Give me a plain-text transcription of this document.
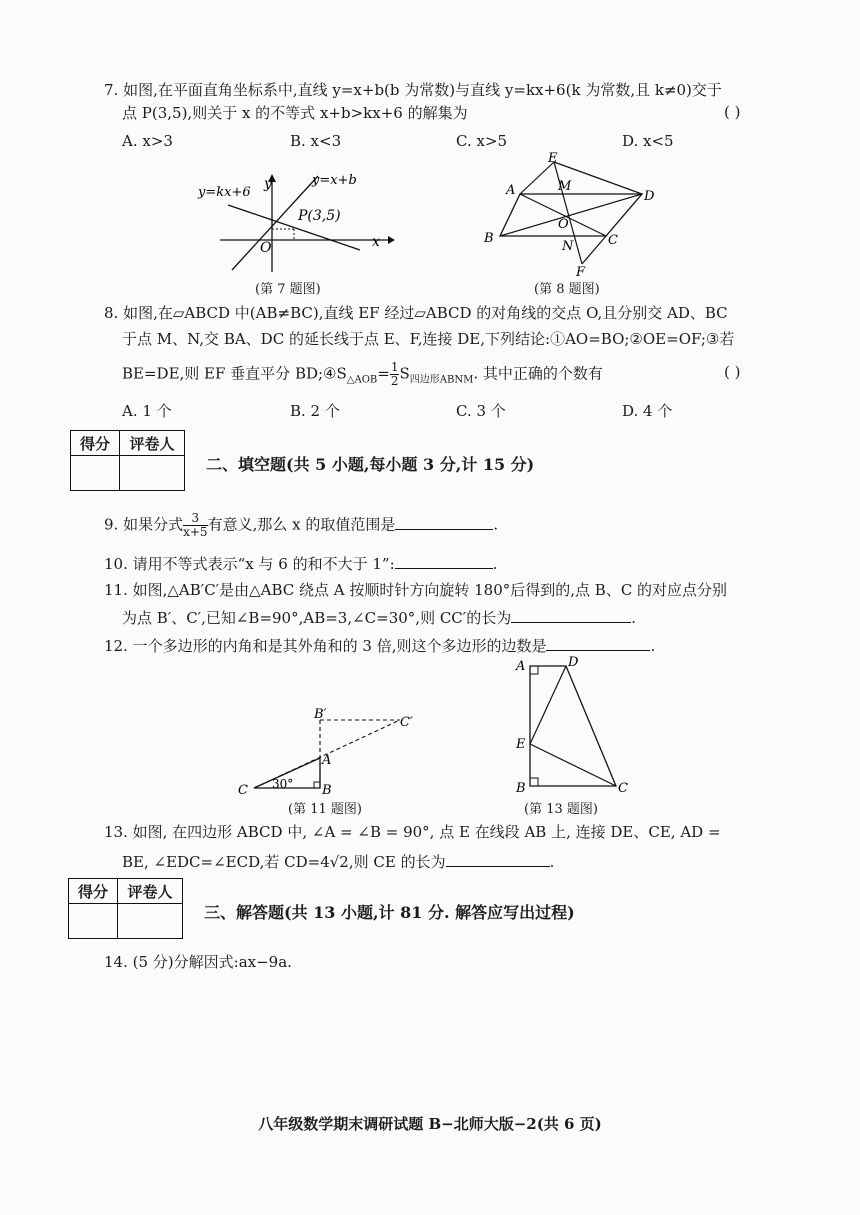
7. 如图,在平面直角坐标系中,直线 y=x+b(b 为常数)与直线 y=kx+6(k 为常数,且 k≠0)交于
点 P(3,5),则关于 x 的不等式 x+b>kx+6 的解集为	( )
A. x>3	B. x<3	C. x>5	D. x<5
y=kx+6
y=x+b
P(3,5)
O	x
y
(第 7 题图)
E
A	M
D
O
B
N	C
F
(第 8 题图)
8. 如图,在▱ABCD 中(AB≠BC),直线 EF 经过▱ABCD 的对角线的交点 O,且分别交 AD、BC
于点 M、N,交 BA、DC 的延长线于点 E、F,连接 DE,下列结论:①AO=BO;②OE=OF;③若
BE=DE,则 EF 垂直平分 $BD;④S_{\triangle AOB}= \frac{1}{2} S_{四边形ABNM}$. 其中正确的个数有	( )
A. 1 个	B. 2 个	C. 3 个	D. 4 个
得分	评卷人

二、填空题(共 5 小题,每小题 3 分,计 15 分)
9. 如果分式 $\frac{3}{x+5}$ 有意义,那么 x 的取值范围是	.
10. 请用不等式表示“x 与 6 的和不大于 1”:	.
11. 如图,△AB′C′是由△ABC 绕点 A 按顺时针方向旋转 180°后得到的,点 B、C 的对应点分别
为点 B′、C′,已知∠B=90°,AB=3,∠C=30°,则 CC′的长为	.
12. 一个多边形的内角和是其外角和的 3 倍,则这个多边形的边数是	.
B′
C′
A
C	B
30°
(第 11 题图)
A	D
E
B	C
(第 13 题图)
13. 如图, 在四边形 ABCD 中, ∠A = ∠B = 90°, 点 E 在线段 AB 上, 连接 DE、CE, AD =
BE, ∠EDC=∠ECD,若 CD=4√2,则 CE 的长为	.
得分	评卷人

三、解答题(共 13 小题,计 81 分. 解答应写出过程)
14. (5 分)分解因式:ax−9a.
八年级数学期末调研试题 B−北师大版−2(共 6 页)
